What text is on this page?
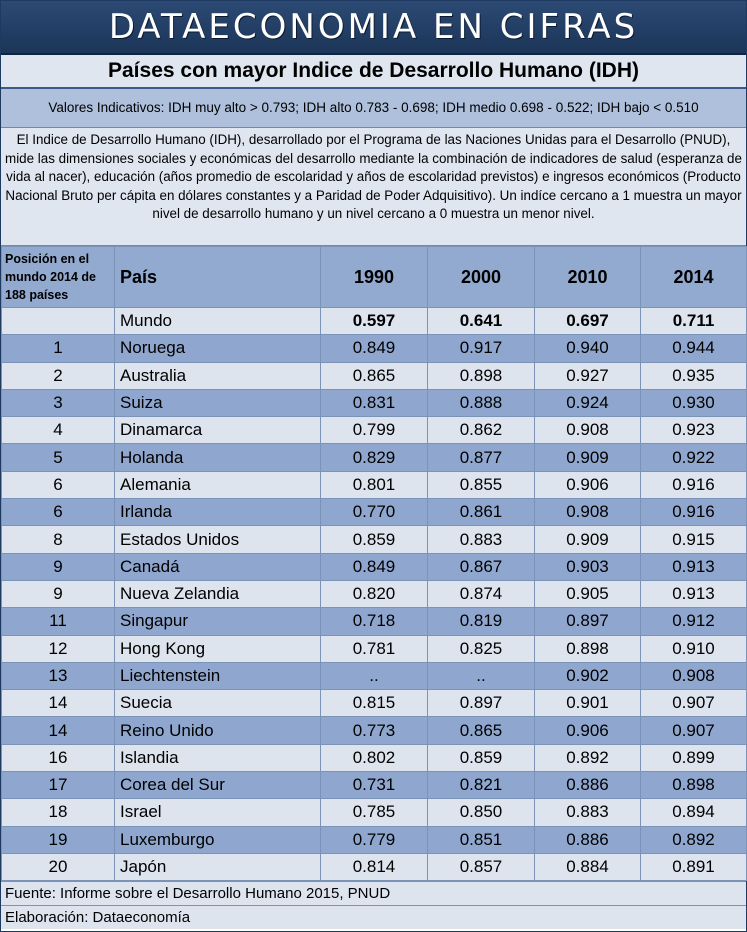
DATAECONOMIA EN CIFRAS
Países con mayor Indice de Desarrollo Humano (IDH)
Valores Indicativos: IDH muy alto > 0.793; IDH alto 0.783 - 0.698; IDH medio 0.698 - 0.522; IDH bajo < 0.510
El Indice de Desarrollo Humano (IDH), desarrollado por el Programa de las Naciones Unidas para el Desarrollo (PNUD), mide las dimensiones sociales y económicas del desarrollo mediante la combinación de indicadores de salud (esperanza de vida al nacer), educación (años promedio de escolaridad y años de escolaridad previstos) e ingresos económicos (Producto Nacional Bruto per cápita en dólares constantes y a Paridad de Poder Adquisitivo). Un indíce cercano a 1 muestra un mayor nivel de desarrollo humano y un nivel cercano a 0 muestra un menor nivel.
Posición en el mundo 2014 de 188 países	País	1990	2000	2010	2014
	Mundo	0.597	0.641	0.697	0.711
1	Noruega	0.849	0.917	0.940	0.944
2	Australia	0.865	0.898	0.927	0.935
3	Suiza	0.831	0.888	0.924	0.930
4	Dinamarca	0.799	0.862	0.908	0.923
5	Holanda	0.829	0.877	0.909	0.922
6	Alemania	0.801	0.855	0.906	0.916
6	Irlanda	0.770	0.861	0.908	0.916
8	Estados Unidos	0.859	0.883	0.909	0.915
9	Canadá	0.849	0.867	0.903	0.913
9	Nueva Zelandia	0.820	0.874	0.905	0.913
11	Singapur	0.718	0.819	0.897	0.912
12	Hong Kong	0.781	0.825	0.898	0.910
13	Liechtenstein	..	..	0.902	0.908
14	Suecia	0.815	0.897	0.901	0.907
14	Reino Unido	0.773	0.865	0.906	0.907
16	Islandia	0.802	0.859	0.892	0.899
17	Corea del Sur	0.731	0.821	0.886	0.898
18	Israel	0.785	0.850	0.883	0.894
19	Luxemburgo	0.779	0.851	0.886	0.892
20	Japón	0.814	0.857	0.884	0.891
Fuente: Informe sobre el Desarrollo Humano 2015, PNUD
Elaboración: Dataeconomía
